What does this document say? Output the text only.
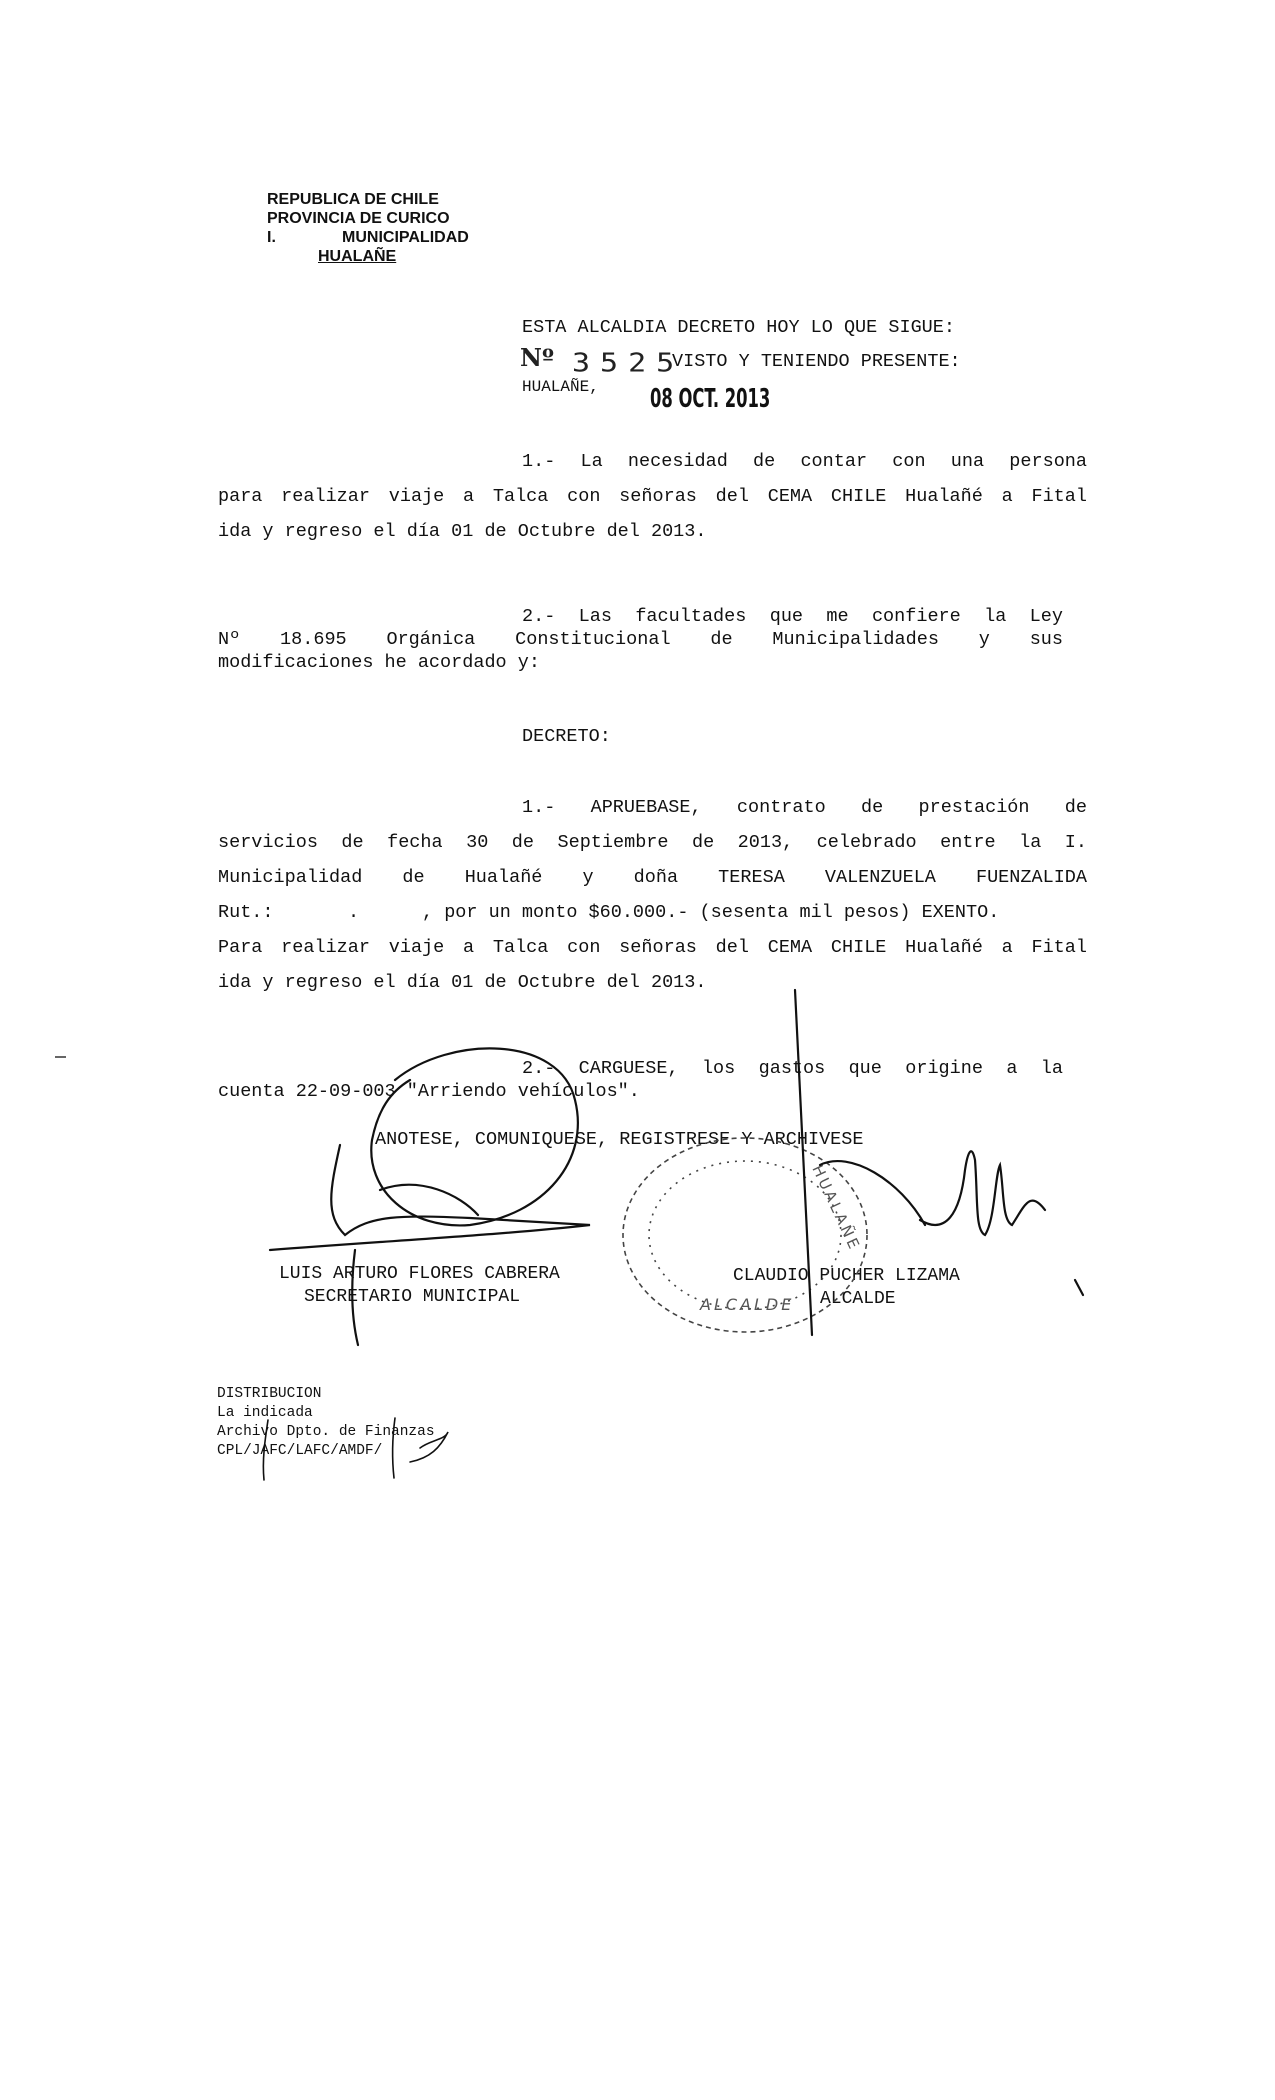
REPUBLICA DE CHILE
PROVINCIA DE CURICO
I.	MUNICIPALIDAD
HUALAÑE
ESTA ALCALDIA DECRETO HOY LO QUE SIGUE:
Nº 3525
VISTO Y TENIENDO PRESENTE:
HUALAÑE, 08 OCT. 2013
1.- La necesidad de contar con una persona
para realizar viaje a Talca con señoras del CEMA CHILE Hualañé a Fital
ida y regreso el día 01 de Octubre del 2013.
2.- Las facultades que me confiere la Ley
Nº 18.695 Orgánica Constitucional de Municipalidades y sus
modificaciones he acordado y:
DECRETO:
1.- APRUEBASE, contrato de prestación de
servicios de fecha 30 de Septiembre de 2013, celebrado entre la I.
Municipalidad de Hualañé y doña TERESA VALENZUELA FUENZALIDA
Rut.:	.	, por un monto $60.000.- (sesenta mil pesos) EXENTO.
Para realizar viaje a Talca con señoras del CEMA CHILE Hualañé a Fital
ida y regreso el día 01 de Octubre del 2013.
2.- CARGUESE, los gastos que origine a la
cuenta 22-09-003 "Arriendo vehículos".
ANOTESE, COMUNIQUESE, REGISTRESE Y ARCHIVESE
LUIS ARTURO FLORES CABRERA
SECRETARIO MUNICIPAL
CLAUDIO PUCHER LIZAMA
ALCALDE
DISTRIBUCION
La indicada
Archivo Dpto. de Finanzas
CPL/JAFC/LAFC/AMDF/
HUALAÑE
ALCALDE
